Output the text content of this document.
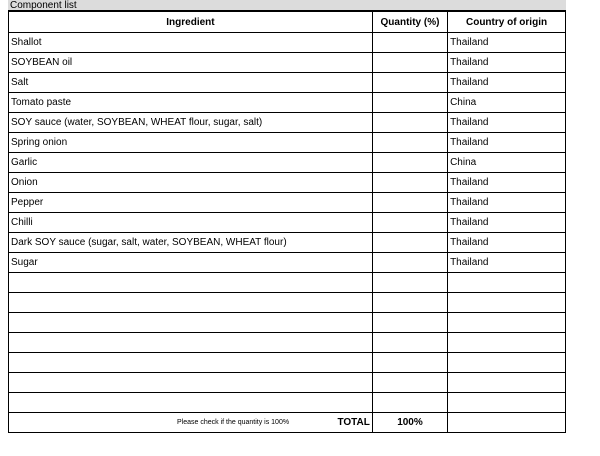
Component list
Ingredient	Quantity (%)	Country of origin
Shallot		Thailand
SOYBEAN oil		Thailand
Salt		Thailand
Tomato paste		China
SOY sauce (water, SOYBEAN, WHEAT flour, sugar, salt)		Thailand
Spring onion		Thailand
Garlic		China
Onion		Thailand
Pepper		Thailand
Chilli		Thailand
Dark SOY sauce (sugar, salt, water, SOYBEAN, WHEAT flour)		Thailand
Sugar		Thailand

Please check if the quantity is 100% TOTAL	100%	
